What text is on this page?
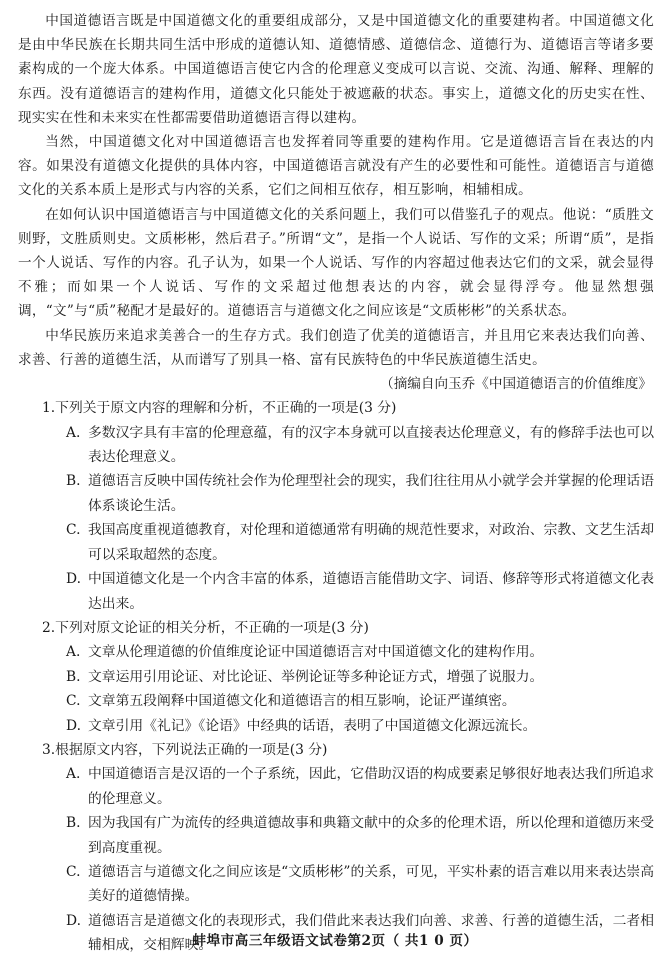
中国道德语言既是中国道德文化的重要组成部分，又是中国道德文化的重要建构者。中国道德文化是由中华民族在长期共同生活中形成的道德认知、道德情感、道德信念、道德行为、道德语言等诸多要素构成的一个庞大体系。中国道德语言使它内含的伦理意义变成可以言说、交流、沟通、解释、理解的东西。没有道德语言的建构作用，道德文化只能处于被遮蔽的状态。事实上，道德文化的历史实在性、现实实在性和未来实在性都需要借助道德语言得以建构。

当然，中国道德文化对中国道德语言也发挥着同等重要的建构作用。它是道德语言旨在表达的内容。如果没有道德文化提供的具体内容，中国道德语言就没有产生的必要性和可能性。道德语言与道德文化的关系本质上是形式与内容的关系，它们之间相互依存，相互影响，相辅相成。

在如何认识中国道德语言与中国道德文化的关系问题上，我们可以借鉴孔子的观点。他说：“质胜文则野，文胜质则史。文质彬彬，然后君子。”所谓“文”，是指一个人说话、写作的文采；所谓“质”，是指一个人说话、写作的内容。孔子认为，如果一个人说话、写作的内容超过他表达它们的文采，就会显得不雅；而如果一个人说话、写作的文采超过他想表达的内容，就会显得浮夸。他显然想强调，“文”与“质”秘配才是最好的。道德语言与道德文化之间应该是“文质彬彬”的关系状态。

中华民族历来追求美善合一的生存方式。我们创造了优美的道德语言，并且用它来表达我们向善、求善、行善的道德生活，从而谱写了别具一格、富有民族特色的中华民族道德生活史。

（摘编自向玉乔《中国道德语言的价值维度》

1.下列关于原文内容的理解和分析，不正确的一项是(3 分)

A. 多数汉字具有丰富的伦理意蕴，有的汉字本身就可以直接表达伦理意义，有的修辞手法也可以表达伦理意义。
B. 道德语言反映中国传统社会作为伦理型社会的现实，我们往往用从小就学会并掌握的伦理话语体系谈论生活。
C. 我国高度重视道德教育，对伦理和道德通常有明确的规范性要求，对政治、宗教、文艺生活却可以采取超然的态度。
D. 中国道德文化是一个内含丰富的体系，道德语言能借助文字、词语、修辞等形式将道德文化表达出来。

2.下列对原文论证的相关分析，不正确的一项是(3 分)

A. 文章从伦理道德的价值维度论证中国道德语言对中国道德文化的建构作用。
B. 文章运用引用论证、对比论证、举例论证等多种论证方式，增强了说服力。
C. 文章第五段阐释中国道德文化和道德语言的相互影响，论证严谨缜密。
D. 文章引用《礼记》《论语》中经典的话语，表明了中国道德文化源远流长。

3.根据原文内容，下列说法正确的一项是(3 分)

A. 中国道德语言是汉语的一个子系统，因此，它借助汉语的构成要素足够很好地表达我们所追求的伦理意义。
B. 因为我国有广为流传的经典道德故事和典籍文献中的众多的伦理术语，所以伦理和道德历来受到高度重视。
C. 道德语言与道德文化之间应该是“文质彬彬”的关系，可见，平实朴素的语言难以用来表达崇高美好的道德情操。
D. 道德语言是道德文化的表现形式，我们借此来表达我们向善、求善、行善的道德生活，二者相辅相成，交相辉映。
蚌埠市高三年级语文试卷第2页（ 共1 0 页）
